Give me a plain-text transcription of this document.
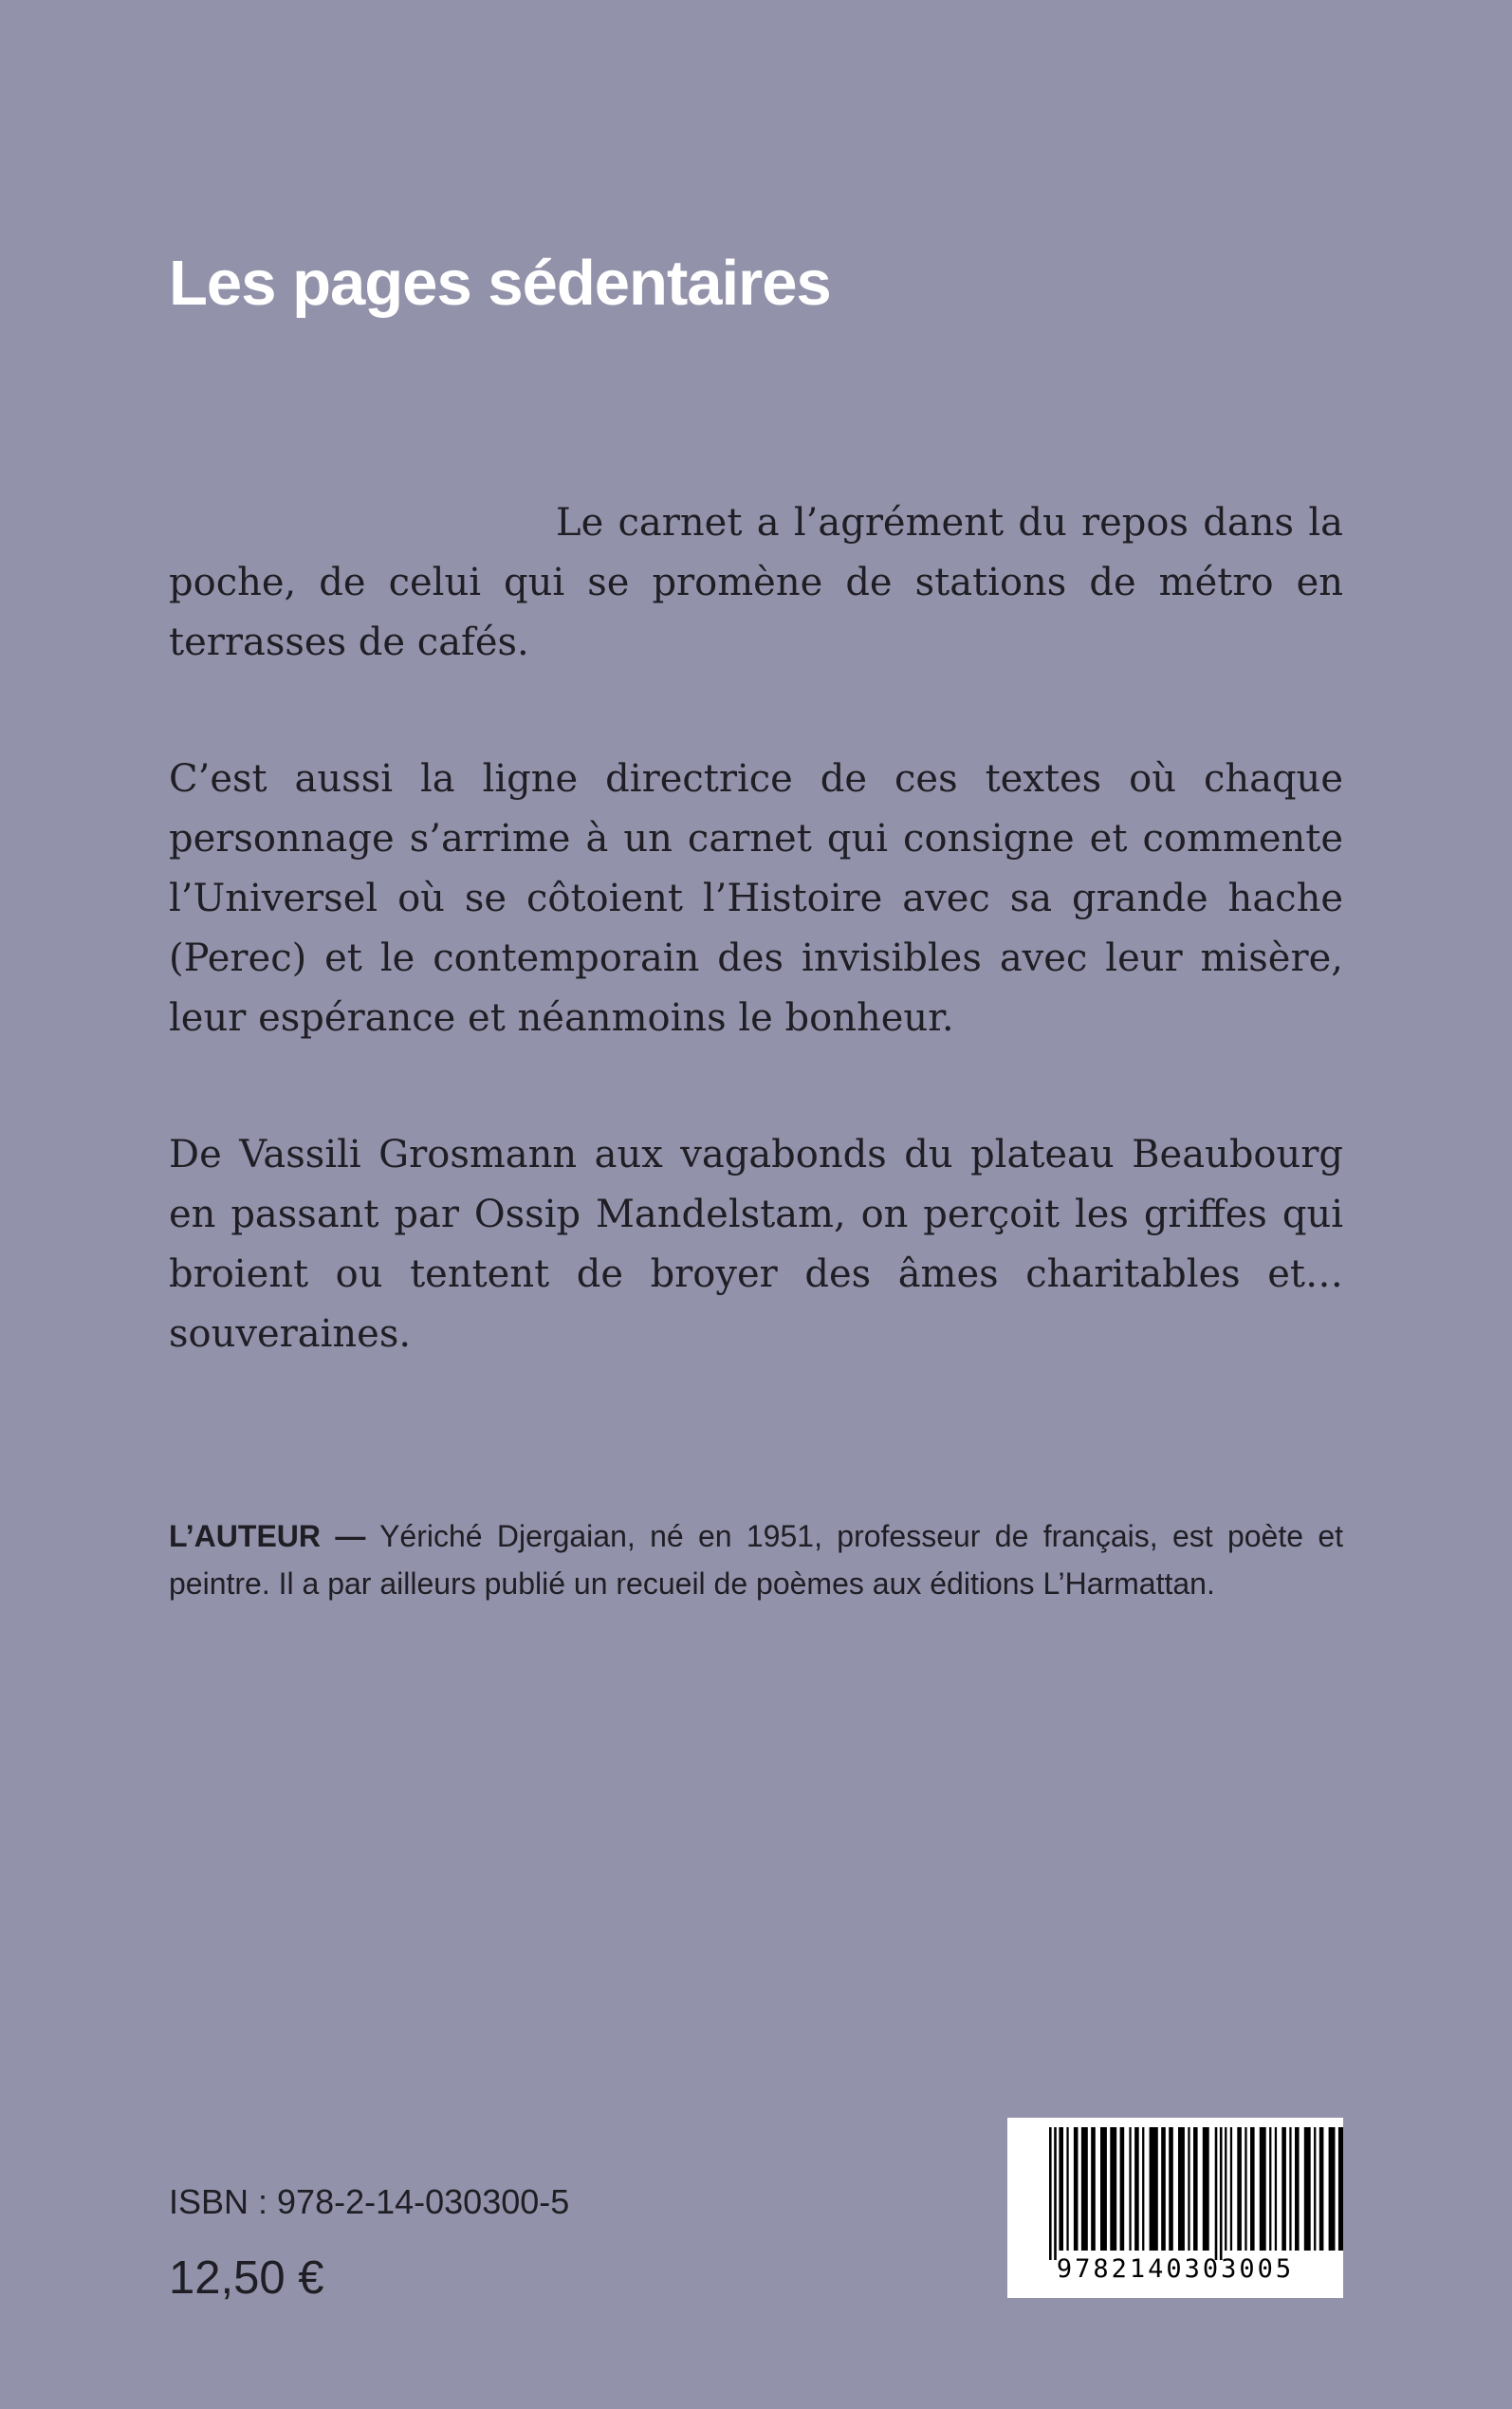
Les pages sédentaires

Le carnet a l’agrément du repos dans la poche, de celui qui se promène de stations de métro en terrasses de cafés.

C’est aussi la ligne directrice de ces textes où chaque personnage s’arrime à un carnet qui consigne et commente l’Universel où se côtoient l’Histoire avec sa grande hache (Perec) et le contemporain des invisibles avec leur misère, leur espérance et néanmoins le bonheur.

De Vassili Grosmann aux vagabonds du plateau Beaubourg en passant par Ossip Mandelstam, on perçoit les griffes qui broient ou tentent de broyer des âmes charitables et… souveraines.

L’AUTEUR — Yériché Djergaian, né en 1951, professeur de français, est poète et peintre. Il a par ailleurs publié un recueil de poèmes aux éditions L’Harmattan.

ISBN : 978-2-14-030300-5
12,50 €	9782140303005
